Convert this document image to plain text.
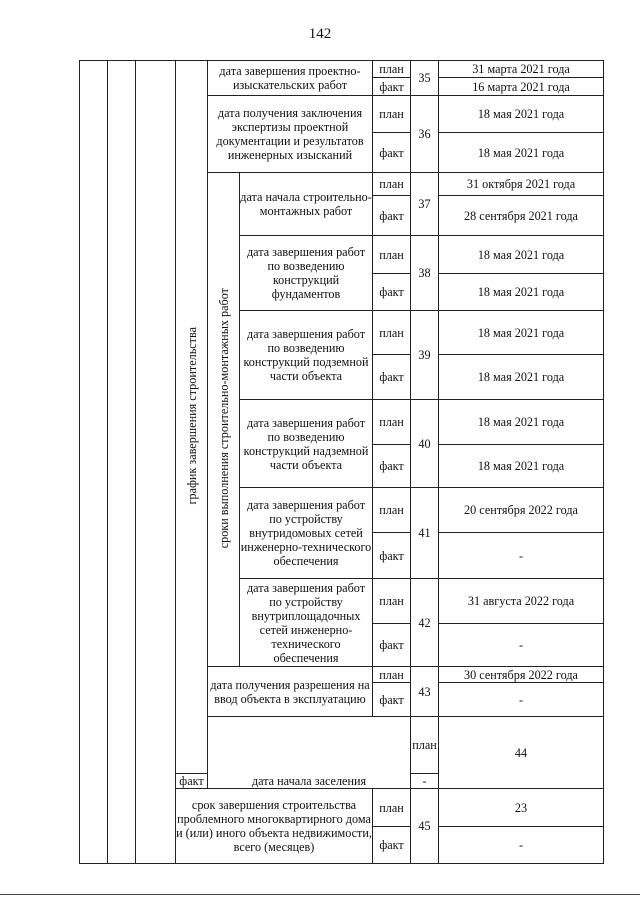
142
			график завершения строительства	дата завершения проектно-изыскательских работ		план	35	31 марта 2021 года	
						факт		16 марта 2021 года	
				дата получения заключения экспертизы проектной документации и результатов инженерных изысканий		план	36	18 мая 2021 года	
						факт		18 мая 2021 года	
				сроки выполнения строительно-монтажных работ	дата начала строительно-монтажных работ	план	37	31 октября 2021 года	
						факт		28 сентября 2021 года	
					дата завершения работ по возведению конструкций фундаментов	план	38	18 мая 2021 года	
						факт		18 мая 2021 года	
					дата завершения работ по возведению конструкций подземной части объекта	план	39	18 мая 2021 года	
						факт		18 мая 2021 года	
					дата завершения работ по возведению конструкций надземной части объекта	план	40	18 мая 2021 года	
						факт		18 мая 2021 года	
					дата завершения работ по устройству внутридомовых сетей инженерно-технического обеспечения	план	41	20 сентября 2022 года	
						факт		-	
					дата завершения работ по устройству внутриплощадочных сетей инженерно-технического обеспечения	план	42	31 августа 2022 года	
						факт		-	
				дата получения разрешения на ввод объекта в эксплуатацию		план	43	30 сентября 2022 года	
						факт		-	
				дата начала заселения			план	44	
			факт				-		
			срок завершения строительства проблемного многоквартирного дома и (или) иного объекта недвижимости, всего (месяцев)			план	45	23	
						факт		-	
